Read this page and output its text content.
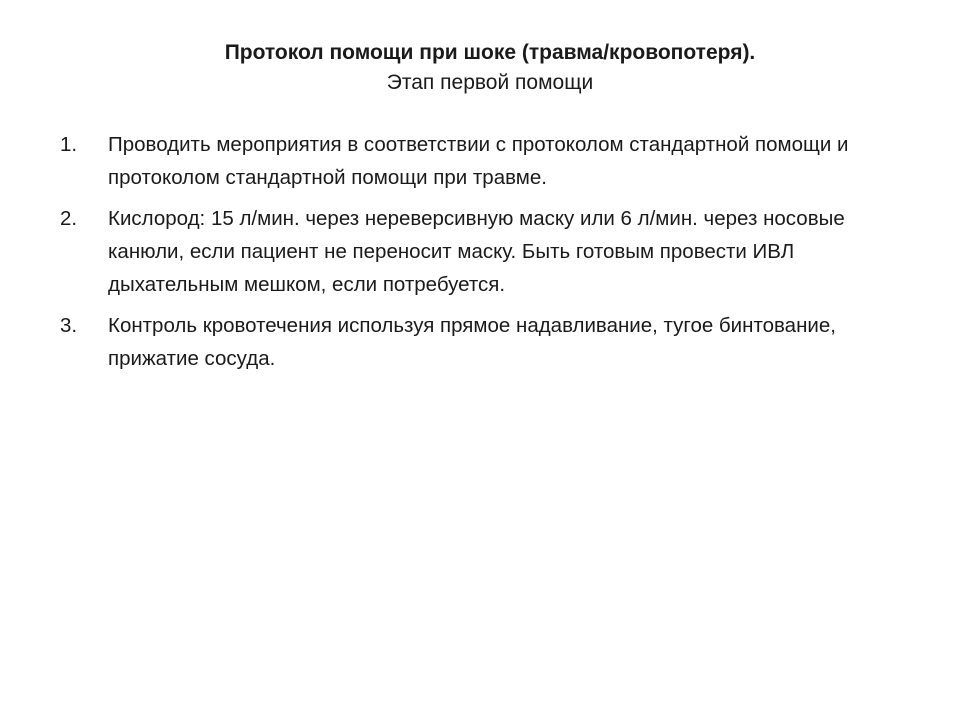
Протокол помощи при шоке (травма/кровопотеря).

Этап первой помощи

1.	Проводить мероприятия в соответствии с протоколом стандартной помощи и протоколом стандартной помощи при травме.
2.	Кислород: 15 л/мин. через нереверсивную маску или 6 л/мин. через носовые канюли, если пациент не переносит маску. Быть готовым провести ИВЛ дыхательным мешком, если потребуется.
3.	Контроль кровотечения используя прямое надавливание, тугое бинтование, прижатие сосуда.
